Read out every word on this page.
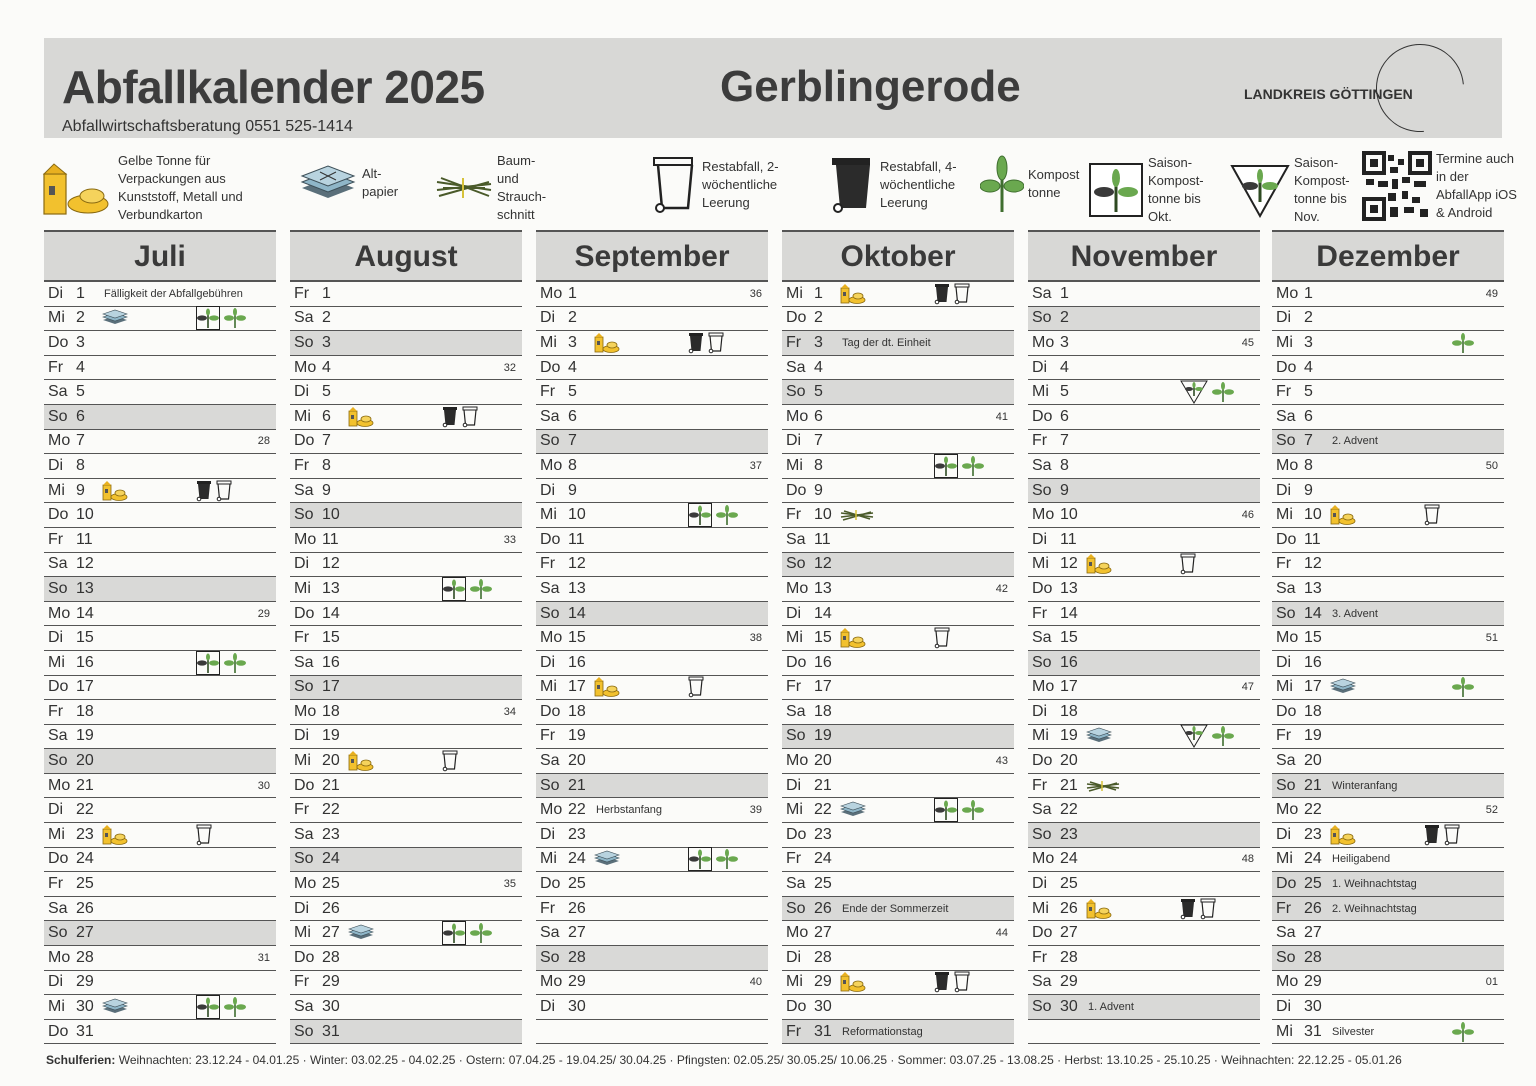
Abfallkalender 2025
Abfallwirtschaftsberatung 0551 525-1414
Gerblingerode	LANDKREIS GÖTTINGEN
Gelbe Tonne für Verpackungen aus Kunststoff, Metall und Verbundkarton
Alt- papier
Baum- und Strauch- schnitt
Restabfall, 2-wöchentliche Leerung
Restabfall, 4-wöchentliche Leerung
Kompost tonne
Saison- Kompost- tonne bis Okt.
Saison- Kompost- tonne bis Nov.
Termine auch in der AbfallApp iOS & Android
Juli
Di 1	Fälligkeit der Abfallgebühren
Mi 2
Do 3
Fr 4
Sa 5
So 6
Mo 7	28
Di 8
Mi 9
Do 10
Fr 11
Sa 12
So 13
Mo 14	29
Di 15
Mi 16
Do 17
Fr 18
Sa 19
So 20
Mo 21	30
Di 22
Mi 23
Do 24
Fr 25
Sa 26
So 27
Mo 28	31
Di 29
Mi 30
Do 31
August
Fr 1
Sa 2
So 3
Mo 4	32
Di 5
Mi 6
Do 7
Fr 8
Sa 9
So 10
Mo 11	33
Di 12
Mi 13
Do 14
Fr 15
Sa 16
So 17
Mo 18	34
Di 19
Mi 20
Do 21
Fr 22
Sa 23
So 24
Mo 25	35
Di 26
Mi 27
Do 28
Fr 29
Sa 30
So 31
September
Mo 1	36
Di 2
Mi 3
Do 4
Fr 5
Sa 6
So 7
Mo 8	37
Di 9
Mi 10
Do 11
Fr 12
Sa 13
So 14
Mo 15	38
Di 16
Mi 17
Do 18
Fr 19
Sa 20
So 21
Mo 22 Herbstanfang	39
Di 23
Mi 24
Do 25
Fr 26
Sa 27
So 28
Mo 29	40
Di 30
Oktober
Mi 1
Do 2
Fr 3	Tag der dt. Einheit
Sa 4
So 5
Mo 6	41
Di 7
Mi 8
Do 9
Fr 10
Sa 11
So 12
Mo 13	42
Di 14
Mi 15
Do 16
Fr 17
Sa 18
So 19
Mo 20	43
Di 21
Mi 22
Do 23
Fr 24
Sa 25
So 26 Ende der Sommerzeit
Mo 27	44
Di 28
Mi 29
Do 30
Fr 31 Reformationstag
November
Sa 1
So 2
Mo 3	45
Di 4
Mi 5
Do 6
Fr 7
Sa 8
So 9
Mo 10	46
Di 11
Mi 12
Do 13
Fr 14
Sa 15
So 16
Mo 17	47
Di 18
Mi 19
Do 20
Fr 21
Sa 22
So 23
Mo 24	48
Di 25
Mi 26
Do 27
Fr 28
Sa 29
So 30 1. Advent
Dezember
Mo 1	49
Di 2
Mi 3
Do 4
Fr 5
Sa 6
So 7	2. Advent
Mo 8	50
Di 9
Mi 10
Do 11
Fr 12
Sa 13
So 14 3. Advent
Mo 15	51
Di 16
Mi 17
Do 18
Fr 19
Sa 20
So 21 Winteranfang
Mo 22	52
Di 23
Mi 24 Heiligabend
Do 25 1. Weihnachtstag
Fr 26 2. Weihnachtstag
Sa 27
So 28
Mo 29	01
Di 30
Mi 31 Silvester
Schulferien: Weihnachten: 23.12.24 - 04.01.25 · Winter: 03.02.25 - 04.02.25 · Ostern: 07.04.25 - 19.04.25/ 30.04.25 · Pfingsten: 02.05.25/ 30.05.25/ 10.06.25 · Sommer: 03.07.25 - 13.08.25 · Herbst: 13.10.25 - 25.10.25 · Weihnachten: 22.12.25 - 05.01.26
